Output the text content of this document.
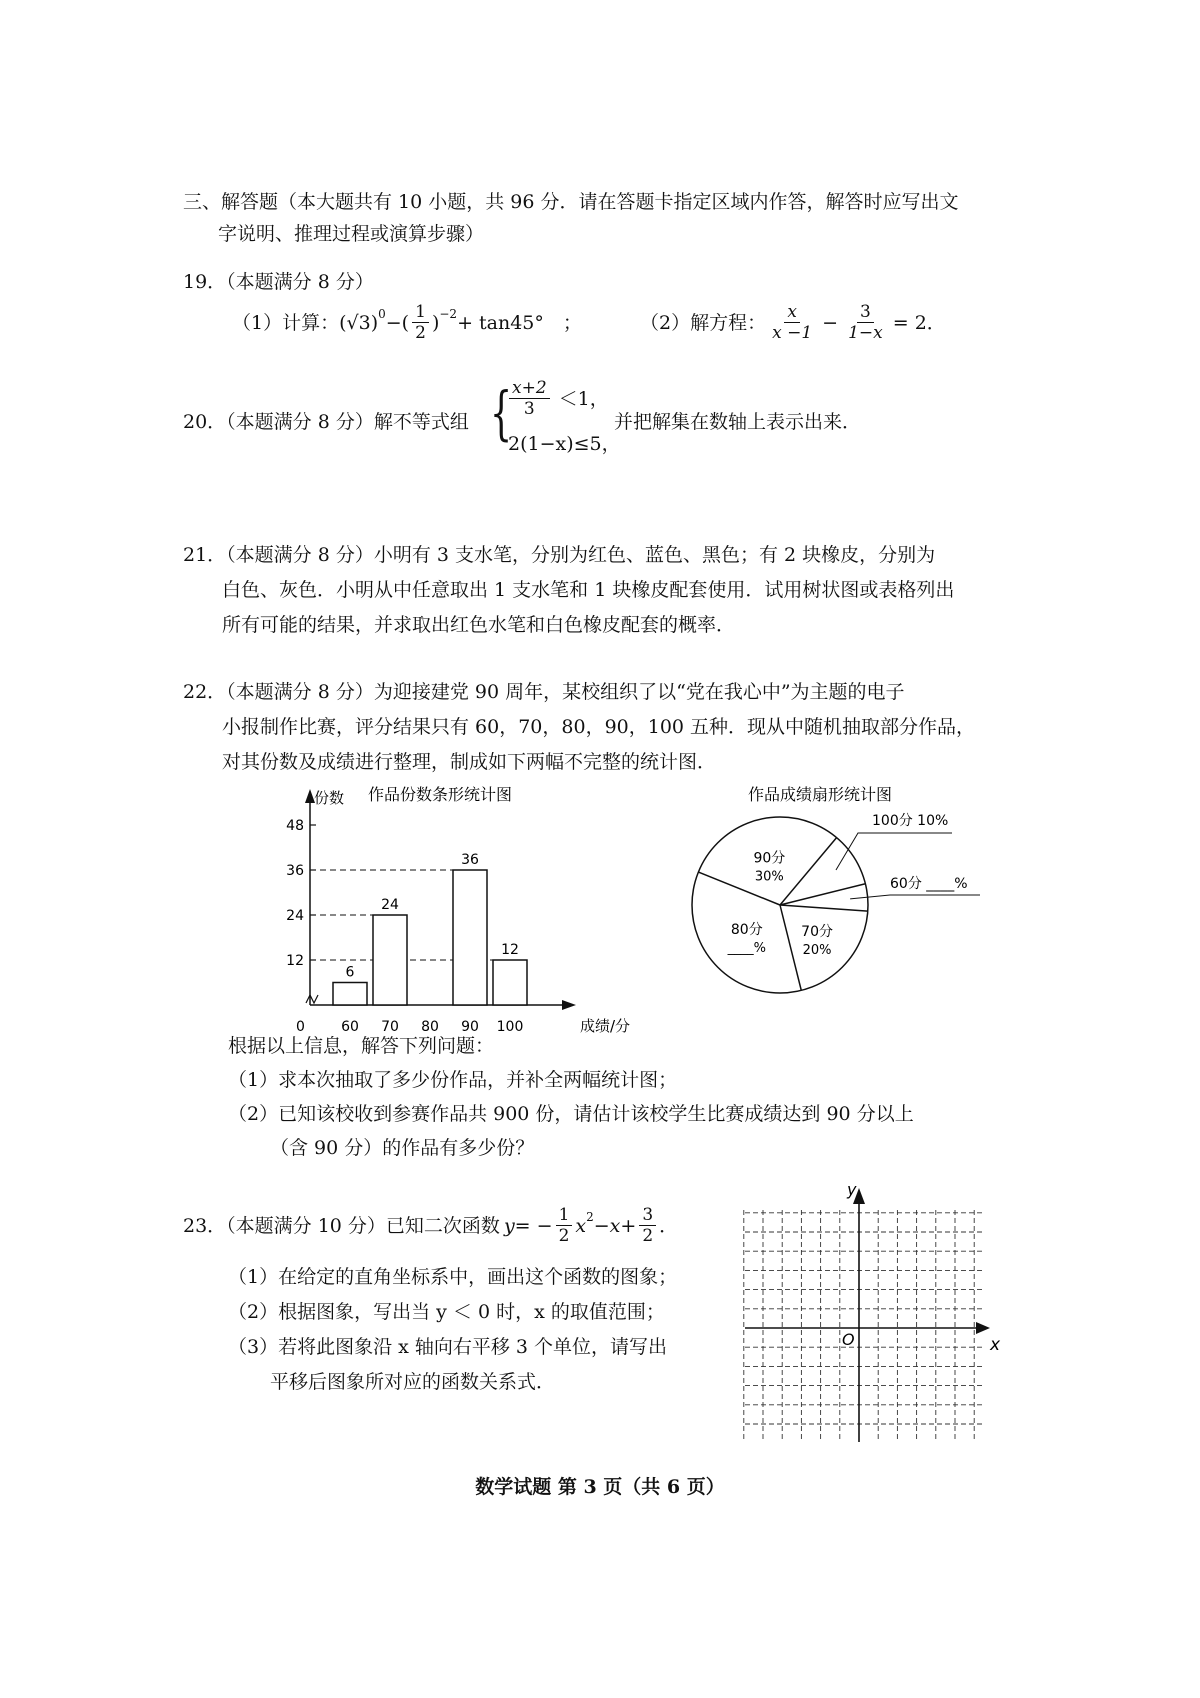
三、解答题（本大题共有 10 小题，共 96 分．请在答题卡指定区域内作答，解答时应写出文
字说明、推理过程或演算步骤）
19．（本题满分 8 分）
（1）计算： $(√3)^0$ −( $\frac{1}{2} )^{-2} + \tan 45^\circ$　；	（2）解方程： $\frac{x}{x -1} - \frac{3}{1-x} = 2$．
20．（本题满分 8 分）解不等式组 {
$\frac{x+2}{3} <1$，
2(1−x)≤5，
并把解集在数轴上表示出来．
21．（本题满分 8 分）小明有 3 支水笔，分别为红色、蓝色、黑色；有 2 块橡皮，分别为
白色、灰色．小明从中任意取出 1 支水笔和 1 块橡皮配套使用．试用树状图或表格列出
所有可能的结果，并求取出红色水笔和白色橡皮配套的概率．
22．（本题满分 8 分）为迎接建党 90 周年，某校组织了以“党在我心中”为主题的电子
小报制作比赛，评分结果只有 60，70，80，90，100 五种．现从中随机抽取部分作品，
对其份数及成绩进行整理，制成如下两幅不完整的统计图．
作品份数条形统计图
份数
成绩/分
0
12
24
36
48
60
6
70
24
80 90
36
100
12
作品成绩扇形统计图
100分 10%
60分 ____%
70分
20%
80分
____%
90分
30%
根据以上信息，解答下列问题：
（1）求本次抽取了多少份作品，并补全两幅统计图；
（2）已知该校收到参赛作品共 900 份，请估计该校学生比赛成绩达到 90 分以上
（含 90 分）的作品有多少份？
23．（本题满分 10 分）已知二次函数 $y= - \frac{1}{2} x^2 -x+ \frac{3}{2}$ ．
（1）在给定的直角坐标系中，画出这个函数的图象；
（2）根据图象，写出当 y ＜ 0 时，x 的取值范围；
（3）若将此图象沿 x 轴向右平移 3 个单位，请写出
平移后图象所对应的函数关系式．
y
x
O
数学试题 第 3 页（共 6 页）
